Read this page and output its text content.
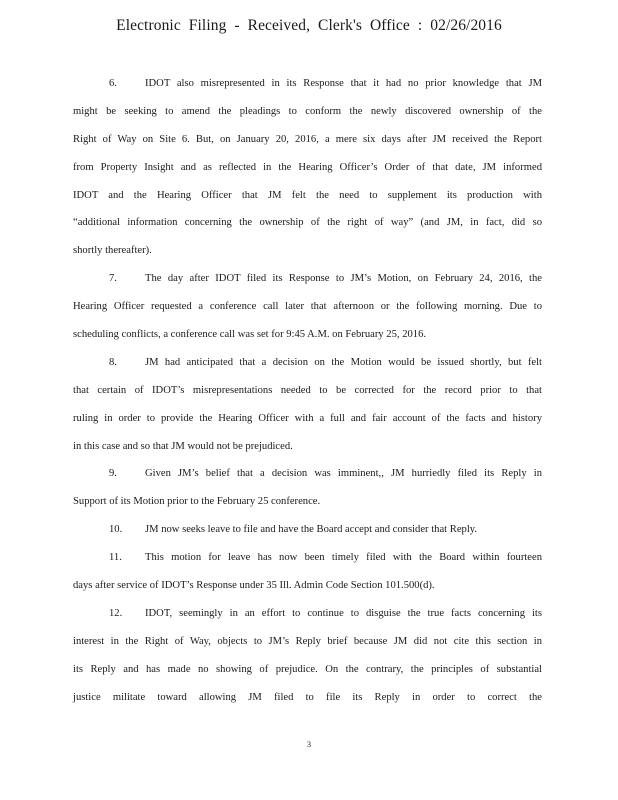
Electronic Filing - Received, Clerk's Office : 02/26/2016
6.	IDOT also misrepresented in its Response that it had no prior knowledge that JM
might be seeking to amend the pleadings to conform the newly discovered ownership of the
Right of Way on Site 6. But, on January 20, 2016, a mere six days after JM received the Report
from Property Insight and as reflected in the Hearing Officer’s Order of that date, JM informed
IDOT and the Hearing Officer that JM felt the need to supplement its production with
“additional information concerning the ownership of the right of way” (and JM, in fact, did so
shortly thereafter).
7.	The day after IDOT filed its Response to JM’s Motion, on February 24, 2016, the
Hearing Officer requested a conference call later that afternoon or the following morning. Due to
scheduling conflicts, a conference call was set for 9:45 A.M. on February 25, 2016.
8.	JM had anticipated that a decision on the Motion would be issued shortly, but felt
that certain of IDOT’s misrepresentations needed to be corrected for the record prior to that
ruling in order to provide the Hearing Officer with a full and fair account of the facts and history
in this case and so that JM would not be prejudiced.
9.	Given JM’s belief that a decision was imminent,, JM hurriedly filed its Reply in
Support of its Motion prior to the February 25 conference.
10. JM now seeks leave to file and have the Board accept and consider that Reply.
11. This motion for leave has now been timely filed with the Board within fourteen
days after service of IDOT’s Response under 35 Ill. Admin Code Section 101.500(d).
12. IDOT, seemingly in an effort to continue to disguise the true facts concerning its
interest in the Right of Way, objects to JM’s Reply brief because JM did not cite this section in
its Reply and has made no showing of prejudice. On the contrary, the principles of substantial
justice militate toward allowing JM filed to file its Reply in order to correct the
3
